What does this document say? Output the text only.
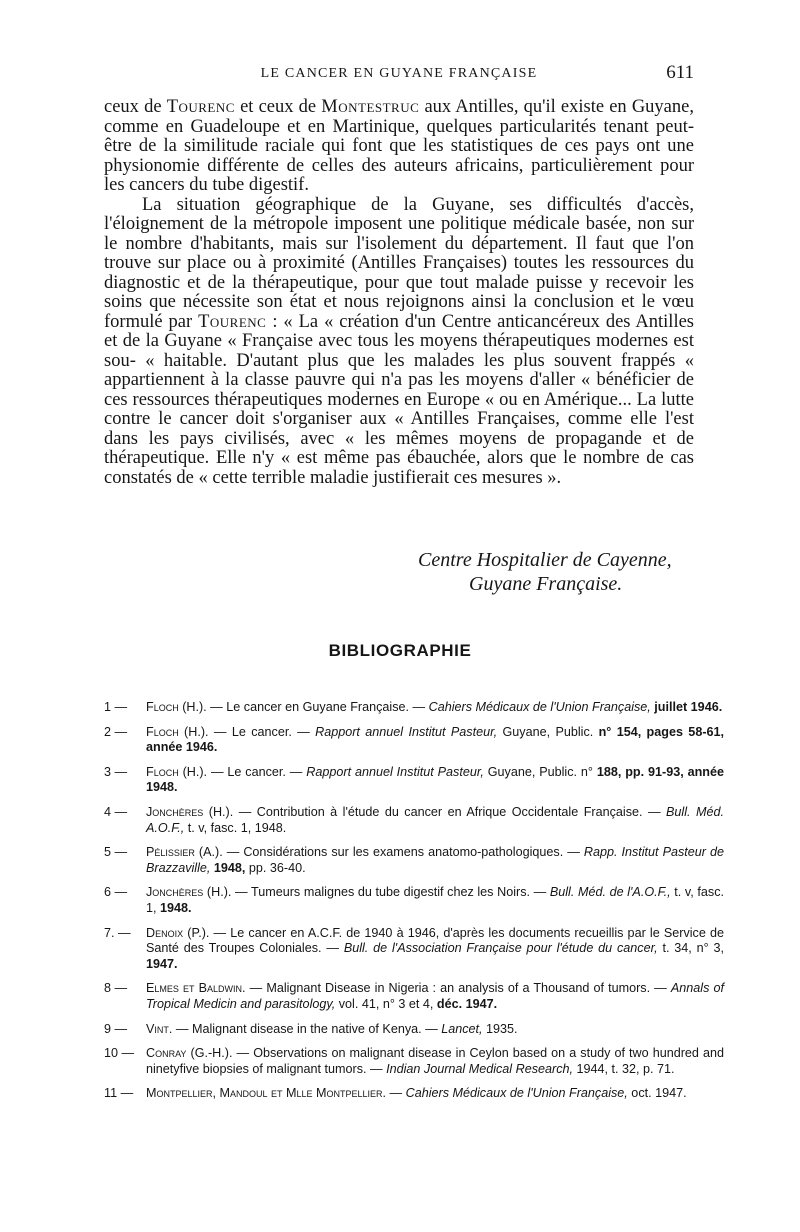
LE CANCER EN GUYANE FRANÇAISE	611

ceux de Tourenc et ceux de Montestruc aux Antilles, qu'il existe en Guyane, comme en Guadeloupe et en Martinique, quelques particularités tenant peut-être de la similitude raciale qui font que les statistiques de ces pays ont une physionomie différente de celles des auteurs africains, particulièrement pour les cancers du tube digestif.

La situation géographique de la Guyane, ses difficultés d'accès, l'éloignement de la métropole imposent une politique médicale basée, non sur le nombre d'habitants, mais sur l'isolement du département. Il faut que l'on trouve sur place ou à proximité (Antilles Françaises) toutes les ressources du diagnostic et de la thérapeutique, pour que tout malade puisse y recevoir les soins que nécessite son état et nous rejoignons ainsi la conclusion et le vœu formulé par Tourenc : « La « création d'un Centre anticancéreux des Antilles et de la Guyane « Française avec tous les moyens thérapeutiques modernes est sou- « haitable. D'autant plus que les malades les plus souvent frappés « appartiennent à la classe pauvre qui n'a pas les moyens d'aller « bénéficier de ces ressources thérapeutiques modernes en Europe « ou en Amérique... La lutte contre le cancer doit s'organiser aux « Antilles Françaises, comme elle l'est dans les pays civilisés, avec « les mêmes moyens de propagande et de thérapeutique. Elle n'y « est même pas ébauchée, alors que le nombre de cas constatés de « cette terrible maladie justifierait ces mesures ».

Centre Hospitalier de Cayenne,
Guyane Française.
BIBLIOGRAPHIE
1 —	Floch (H.). — Le cancer en Guyane Française. — Cahiers Médicaux de l'Union Française, juillet 1946.
2 —	Floch (H.). — Le cancer. — Rapport annuel Institut Pasteur, Guyane, Public. n° 154, pages 58-61, année 1946.
3 —	Floch (H.). — Le cancer. — Rapport annuel Institut Pasteur, Guyane, Public. n° 188, pp. 91-93, année 1948.
4 —	Jonchères (H.). — Contribution à l'étude du cancer en Afrique Occidentale Française. — Bull. Méd. A.O.F., t. v, fasc. 1, 1948.
5 —	Pélissier (A.). — Considérations sur les examens anatomo-pathologiques. — Rapp. Institut Pasteur de Brazzaville, 1948, pp. 36-40.
6 —	Jonchères (H.). — Tumeurs malignes du tube digestif chez les Noirs. — Bull. Méd. de l'A.O.F., t. v, fasc. 1, 1948.
7. —	Denoix (P.). — Le cancer en A.C.F. de 1940 à 1946, d'après les documents recueillis par le Service de Santé des Troupes Coloniales. — Bull. de l'Association Française pour l'étude du cancer, t. 34, n° 3, 1947.
8 —	Elmes et Baldwin. — Malignant Disease in Nigeria : an analysis of a Thousand of tumors. — Annals of Tropical Medicin and parasitology, vol. 41, n° 3 et 4, déc. 1947.
9 —	Vint. — Malignant disease in the native of Kenya. — Lancet, 1935.
10 — Conray (G.-H.). — Observations on malignant disease in Ceylon based on a study of two hundred and ninetyfive biopsies of malignant tumors. — Indian Journal Medical Research, 1944, t. 32, p. 71.
11 —	Montpellier, Mandoul et Mlle Montpellier. — Cahiers Médicaux de l'Union Française, oct. 1947.
